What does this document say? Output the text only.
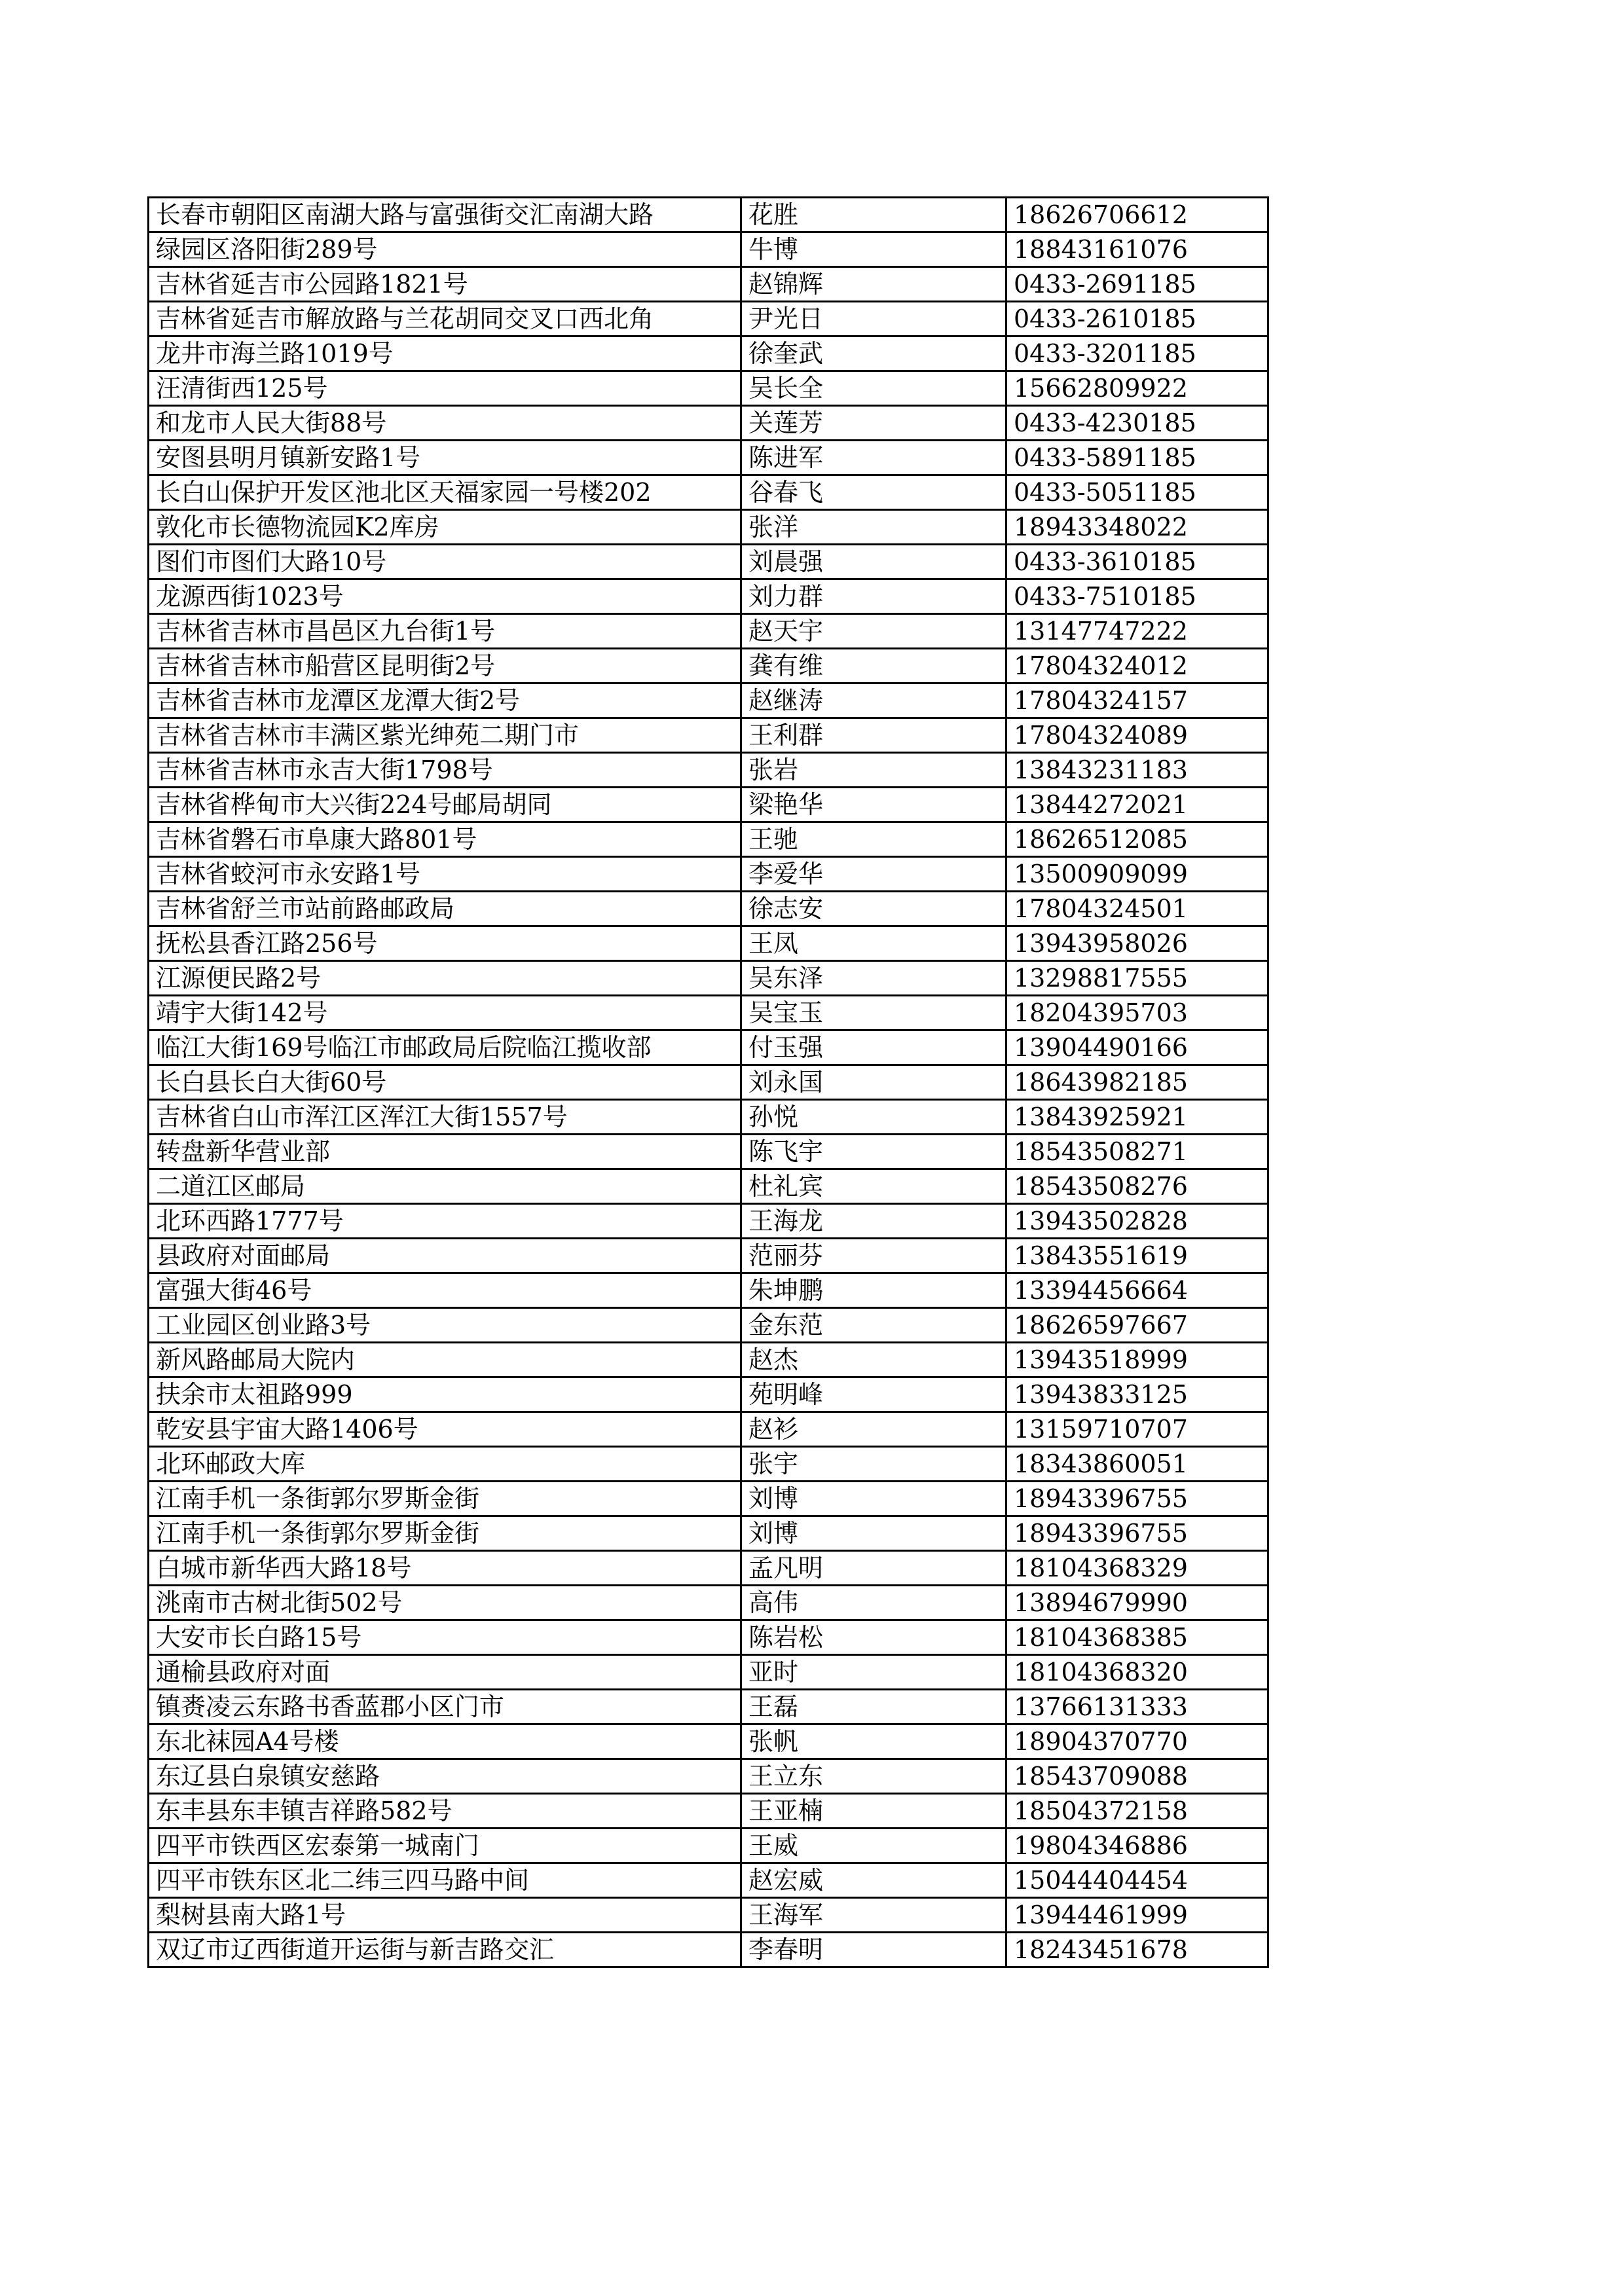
长春市朝阳区南湖大路与富强街交汇南湖大路	花胜	18626706612
绿园区洛阳街289号	牛博	18843161076
吉林省延吉市公园路1821号	赵锦辉	0433-2691185
吉林省延吉市解放路与兰花胡同交叉口西北角	尹光日	0433-2610185
龙井市海兰路1019号	徐奎武	0433-3201185
汪清街西125号	吴长全	15662809922
和龙市人民大街88号	关莲芳	0433-4230185
安图县明月镇新安路1号	陈进军	0433-5891185
长白山保护开发区池北区天福家园一号楼202	谷春飞	0433-5051185
敦化市长德物流园K2库房	张洋	18943348022
图们市图们大路10号	刘晨强	0433-3610185
龙源西街1023号	刘力群	0433-7510185
吉林省吉林市昌邑区九台街1号	赵天宇	13147747222
吉林省吉林市船营区昆明街2号	龚有维	17804324012
吉林省吉林市龙潭区龙潭大街2号	赵继涛	17804324157
吉林省吉林市丰满区紫光绅苑二期门市	王利群	17804324089
吉林省吉林市永吉大街1798号	张岩	13843231183
吉林省桦甸市大兴街224号邮局胡同	梁艳华	13844272021
吉林省磐石市阜康大路801号	王驰	18626512085
吉林省蛟河市永安路1号	李爱华	13500909099
吉林省舒兰市站前路邮政局	徐志安	17804324501
抚松县香江路256号	王凤	13943958026
江源便民路2号	吴东泽	13298817555
靖宇大街142号	吴宝玉	18204395703
临江大街169号临江市邮政局后院临江揽收部	付玉强	13904490166
长白县长白大街60号	刘永国	18643982185
吉林省白山市浑江区浑江大街1557号	孙悦	13843925921
转盘新华营业部	陈飞宇	18543508271
二道江区邮局	杜礼宾	18543508276
北环西路1777号	王海龙	13943502828
县政府对面邮局	范丽芬	13843551619
富强大街46号	朱坤鹏	13394456664
工业园区创业路3号	金东范	18626597667
新风路邮局大院内	赵杰	13943518999
扶余市太祖路999	苑明峰	13943833125
乾安县宇宙大路1406号	赵衫	13159710707
北环邮政大库	张宇	18343860051
江南手机一条街郭尔罗斯金街	刘博	18943396755
江南手机一条街郭尔罗斯金街	刘博	18943396755
白城市新华西大路18号	孟凡明	18104368329
洮南市古树北街502号	高伟	13894679990
大安市长白路15号	陈岩松	18104368385
通榆县政府对面	亚时	18104368320
镇赉凌云东路书香蓝郡小区门市	王磊	13766131333
东北袜园A4号楼	张帆	18904370770
东辽县白泉镇安慈路	王立东	18543709088
东丰县东丰镇吉祥路582号	王亚楠	18504372158
四平市铁西区宏泰第一城南门	王威	19804346886
四平市铁东区北二纬三四马路中间	赵宏威	15044404454
梨树县南大路1号	王海军	13944461999
双辽市辽西街道开运街与新吉路交汇	李春明	18243451678
